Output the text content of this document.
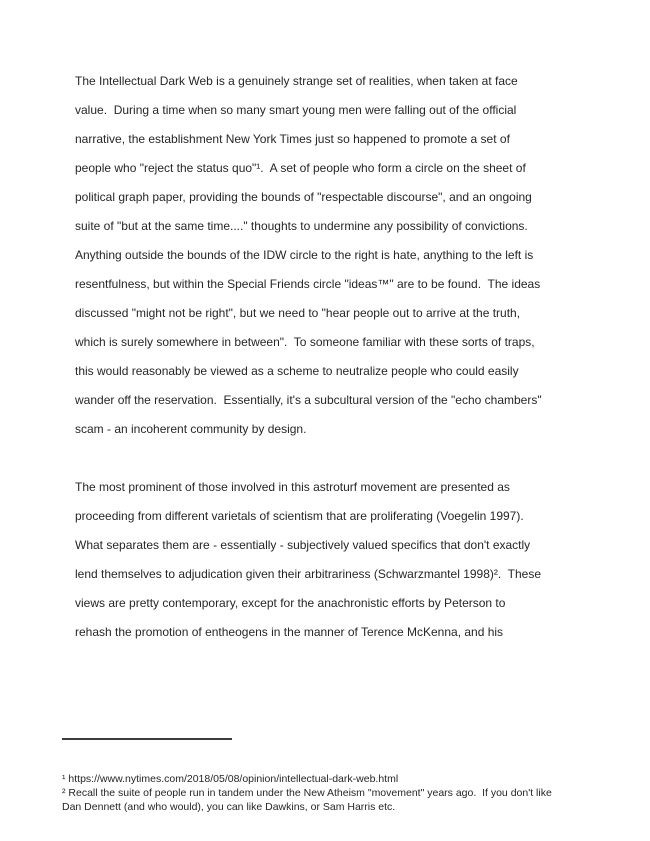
The Intellectual Dark Web is a genuinely strange set of realities, when taken at face
value.  During a time when so many smart young men were falling out of the official
narrative, the establishment New York Times just so happened to promote a set of
people who "reject the status quo"¹.  A set of people who form a circle on the sheet of
political graph paper, providing the bounds of "respectable discourse", and an ongoing
suite of "but at the same time...." thoughts to undermine any possibility of convictions.
Anything outside the bounds of the IDW circle to the right is hate, anything to the left is
resentfulness, but within the Special Friends circle "ideas™" are to be found.  The ideas
discussed "might not be right", but we need to "hear people out to arrive at the truth,
which is surely somewhere in between".  To someone familiar with these sorts of traps,
this would reasonably be viewed as a scheme to neutralize people who could easily
wander off the reservation.  Essentially, it's a subcultural version of the "echo chambers"
scam - an incoherent community by design.
The most prominent of those involved in this astroturf movement are presented as
proceeding from different varietals of scientism that are proliferating (Voegelin 1997).
What separates them are - essentially - subjectively valued specifics that don't exactly
lend themselves to adjudication given their arbitrariness (Schwarzmantel 1998)².  These
views are pretty contemporary, except for the anachronistic efforts by Peterson to
rehash the promotion of entheogens in the manner of Terence McKenna, and his

¹ https://www.nytimes.com/2018/05/08/opinion/intellectual-dark-web.html
² Recall the suite of people run in tandem under the New Atheism "movement" years ago.  If you don't like
Dan Dennett (and who would), you can like Dawkins, or Sam Harris etc.
